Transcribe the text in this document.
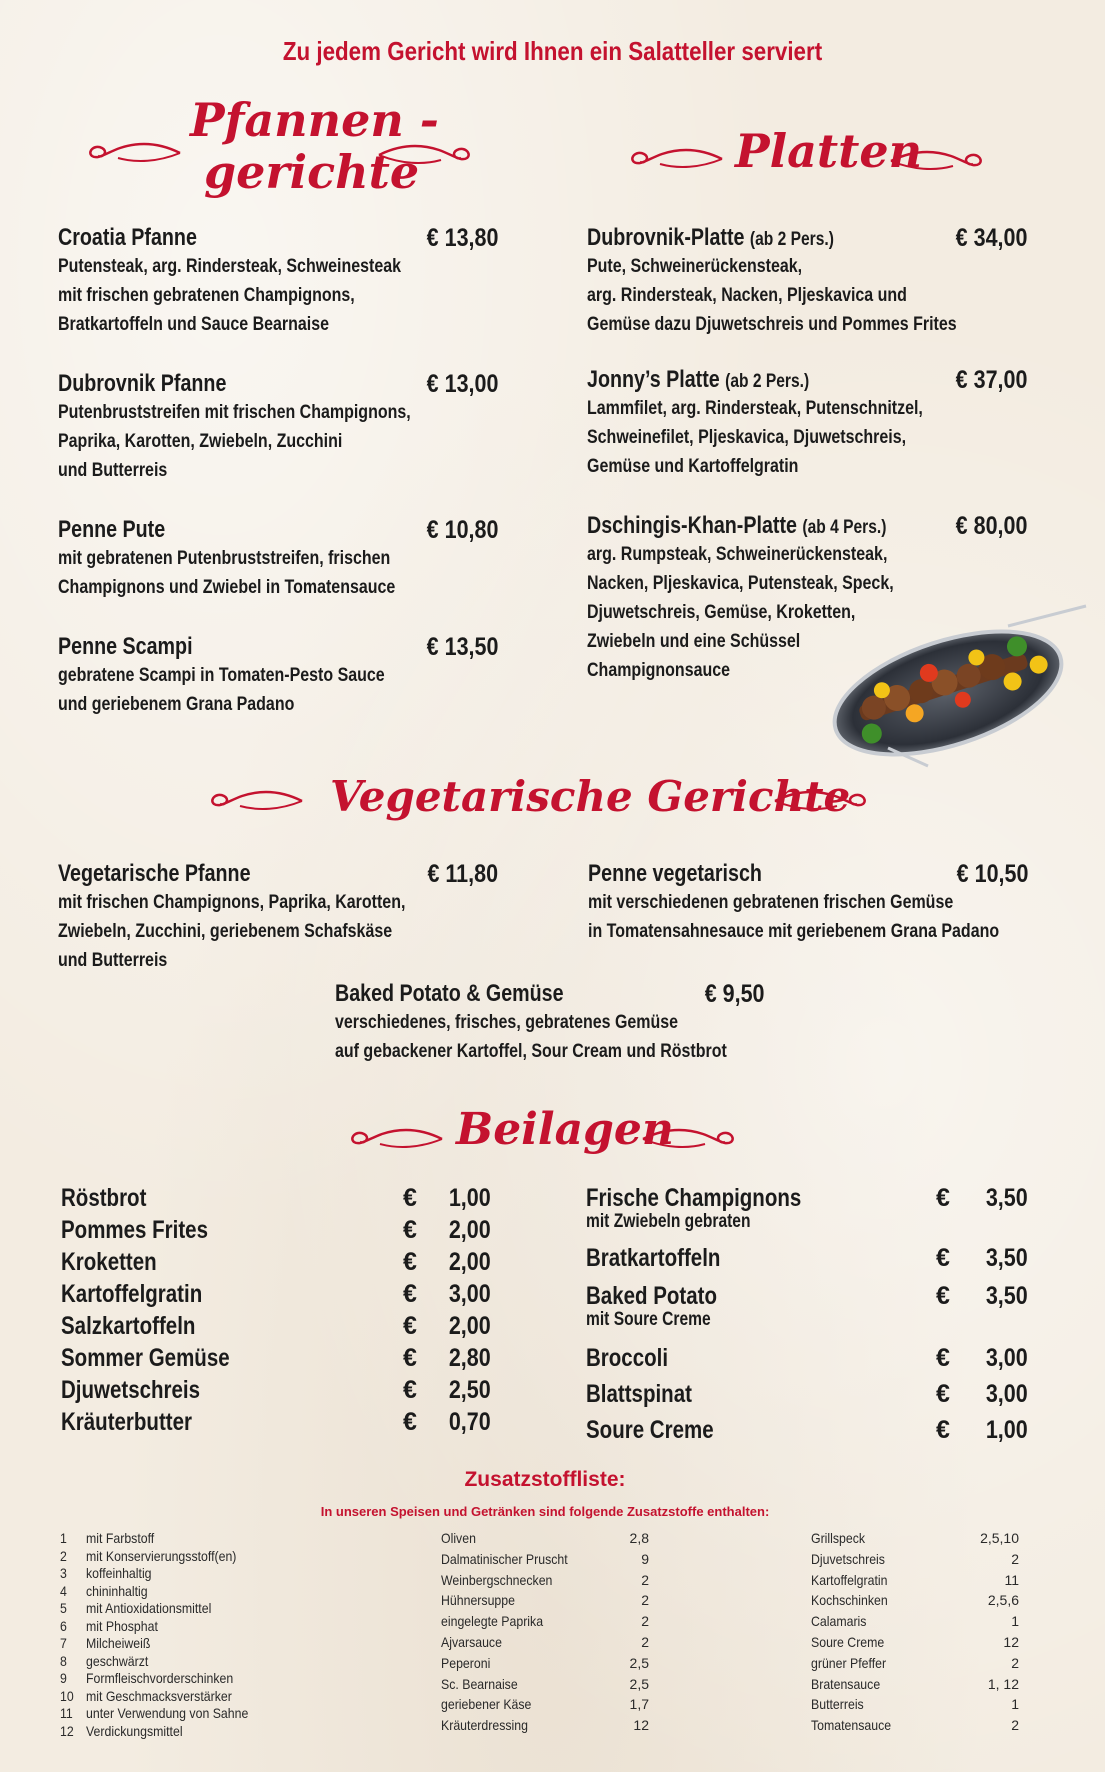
Zu jedem Gericht wird Ihnen ein Salatteller serviert
Pfannen -
gerichte	Platten
Croatia Pfanne	€ 13,80
Putensteak, arg. Rindersteak, Schweinesteak
mit frischen gebratenen Champignons,
Bratkartoffeln und Sauce Bearnaise
Dubrovnik Pfanne	€ 13,00
Putenbruststreifen mit frischen Champignons,
Paprika, Karotten, Zwiebeln, Zucchini
und Butterreis
Penne Pute	€ 10,80
mit gebratenen Putenbruststreifen, frischen
Champignons und Zwiebel in Tomatensauce
Penne Scampi	€ 13,50
gebratene Scampi in Tomaten-Pesto Sauce
und geriebenem Grana Padano
Dubrovnik-Platte (ab 2 Pers.)	€ 34,00
Pute, Schweinerückensteak,
arg. Rindersteak, Nacken, Pljeskavica und
Gemüse dazu Djuwetschreis und Pommes Frites
Jonny’s Platte (ab 2 Pers.)	€ 37,00
Lammfilet, arg. Rindersteak, Putenschnitzel,
Schweinefilet, Pljeskavica, Djuwetschreis,
Gemüse und Kartoffelgratin
Dschingis-Khan-Platte (ab 4 Pers.)	€ 80,00
arg. Rumpsteak, Schweinerückensteak,
Nacken, Pljeskavica, Putensteak, Speck,
Djuwetschreis, Gemüse, Kroketten,
Zwiebeln und eine Schüssel
Champignonsauce
Vegetarische Gerichte
Vegetarische Pfanne	€ 11,80
mit frischen Champignons, Paprika, Karotten,
Zwiebeln, Zucchini, geriebenem Schafskäse
und Butterreis
Penne vegetarisch	€ 10,50
mit verschiedenen gebratenen frischen Gemüse
in Tomatensahnesauce mit geriebenem Grana Padano
Baked Potato & Gemüse	€ 9,50
verschiedenes, frisches, gebratenes Gemüse
auf gebackener Kartoffel, Sour Cream und Röstbrot
Beilagen
Röstbrot	€ 1,00
Pommes Frites	€ 2,00
Kroketten	€ 2,00
Kartoffelgratin	€ 3,00
Salzkartoffeln	€ 2,00
Sommer Gemüse	€ 2,80
Djuwetschreis	€ 2,50
Kräuterbutter	€ 0,70
Frische Champignons
mit Zwiebeln gebraten
€ 3,50
Bratkartoffeln	€ 3,50
Baked Potato
mit Soure Creme
€ 3,50
Broccoli	€ 3,00
Blattspinat	€ 3,00
Soure Creme	€ 1,00
Zusatzstoffliste:
In unseren Speisen und Getränken sind folgende Zusatzstoffe enthalten:
1 mit Farbstoff
2 mit Konservierungsstoff(en)
3 koffeinhaltig
4 chininhaltig
5 mit Antioxidationsmittel
6 mit Phosphat
7 Milcheiweiß
8 geschwärzt
9 Formfleischvorderschinken
10 mit Geschmacksverstärker
11 unter Verwendung von Sahne
12 Verdickungsmittel
Oliven	2,8
Dalmatinischer Pruscht	9
Weinbergschnecken	2
Hühnersuppe	2
eingelegte Paprika	2
Ajvarsauce	2
Peperoni	2,5
Sc. Bearnaise	2,5
geriebener Käse	1,7
Kräuterdressing	12
Grillspeck	2,5,10
Djuvetschreis	2
Kartoffelgratin	11
Kochschinken	2,5,6
Calamaris	1
Soure Creme	12
grüner Pfeffer	2
Bratensauce	1, 12
Butterreis	1
Tomatensauce	2
